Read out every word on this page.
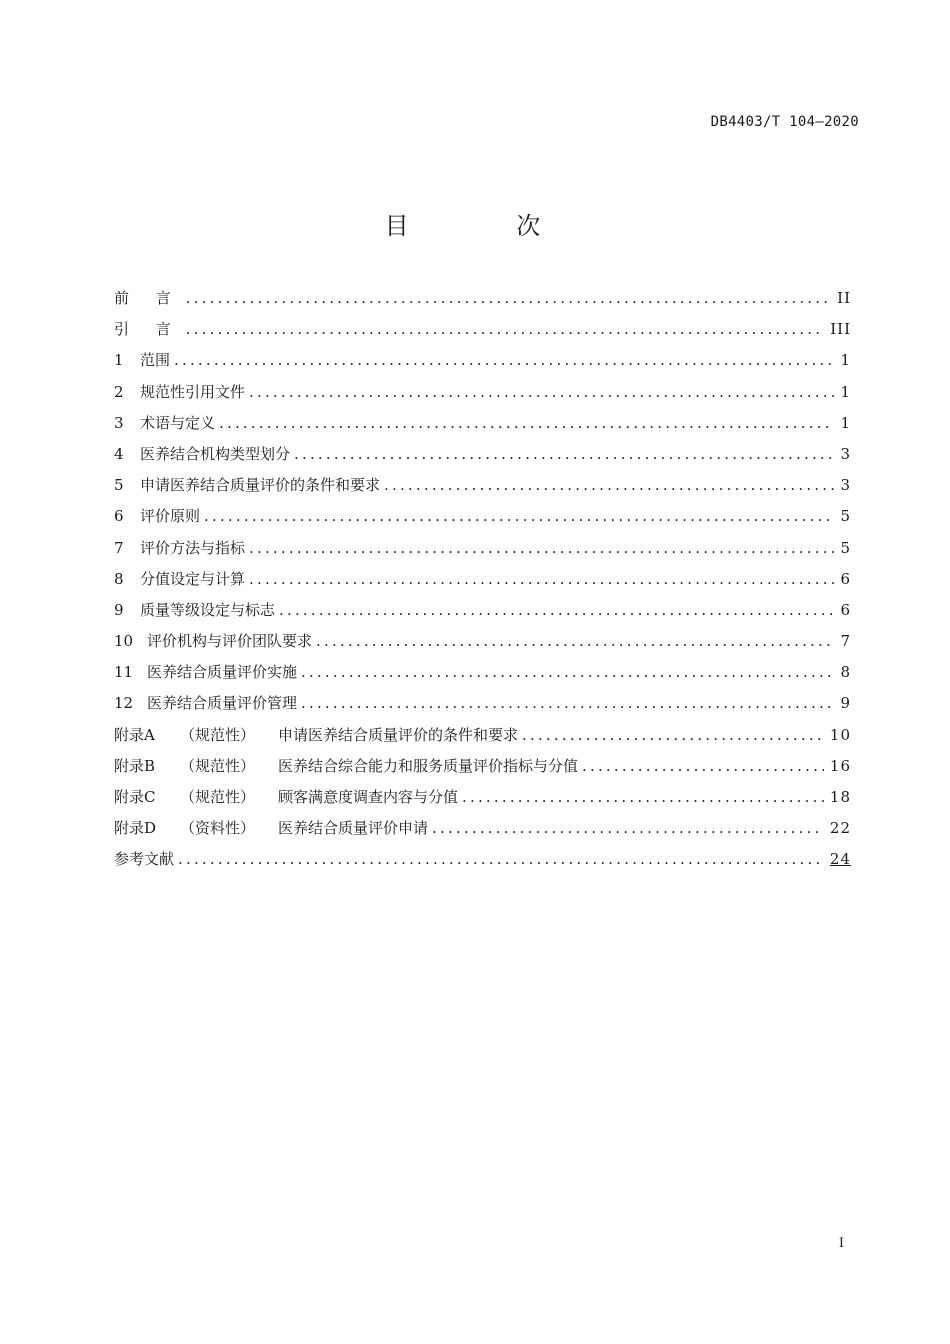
DB4403/T 104—2020
目 次
前 言 .....	II
引 言 .....	III
1	范围 .....	1
2	规范性引用文件 .....	1
3	术语与定义 .....	1
4	医养结合机构类型划分 .....	3
5	申请医养结合质量评价的条件和要求 .....	3
6	评价原则 .....	5
7	评价方法与指标 .....	5
8	分值设定与计算 .....	6
9	质量等级设定与标志 .....	6
10 评价机构与评价团队要求 .....	7
11 医养结合质量评价实施 .....	8
12 医养结合质量评价管理 .....	9
附录A	（规范性）	申请医养结合质量评价的条件和要求 .....	10
附录B	（规范性）	医养结合综合能力和服务质量评价指标与分值 .....	16
附录C	（规范性）	顾客满意度调查内容与分值 .....	18
附录D	（资料性）	医养结合质量评价申请 .....	22
参考文献 .....	24
I
